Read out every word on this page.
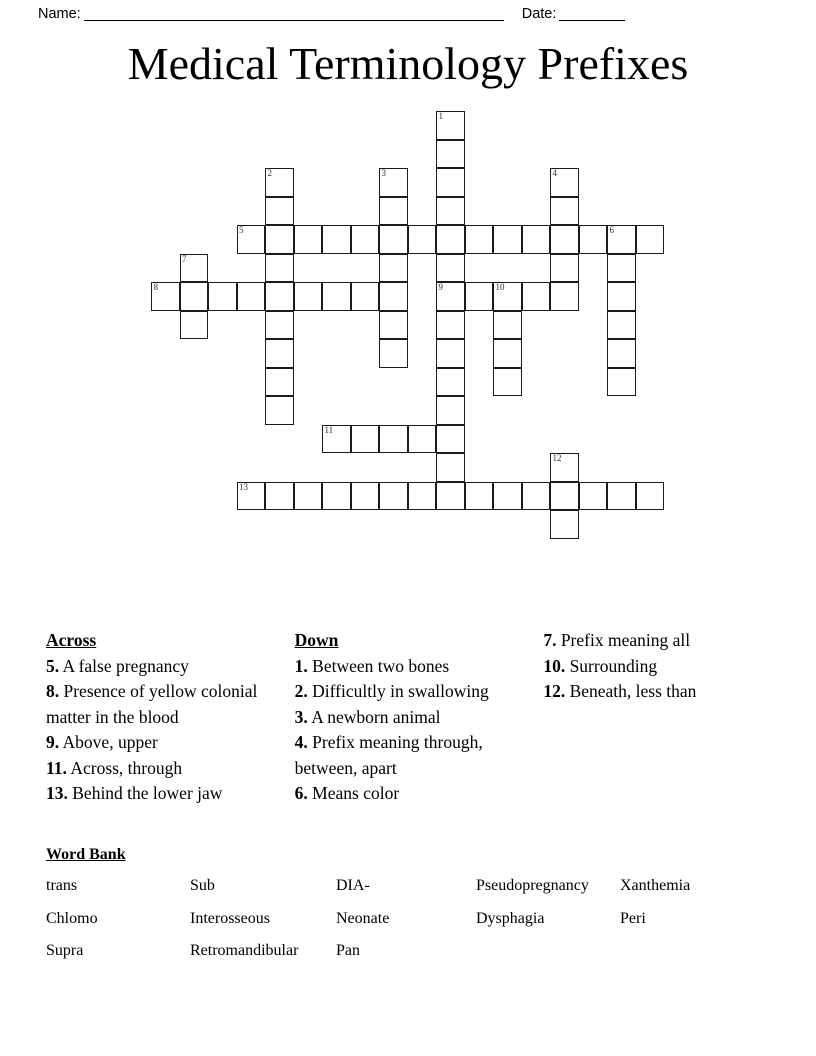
Name:	Date:
Medical Terminology Prefixes
1
2	3	4
5	6
7
8	9	10
11
12
13
Across
5. A false pregnancy
8. Presence of yellow colonial matter in the blood
9. Above, upper
11. Across, through
13. Behind the lower jaw
Down
1. Between two bones
2. Difficultly in swallowing
3. A newborn animal
4. Prefix meaning through, between, apart
6. Means color
7. Prefix meaning all
10. Surrounding
12. Beneath, less than
Word Bank
trans	Sub	DIA-	Pseudopregnancy	Xanthemia
Chlomo	Interosseous	Neonate	Dysphagia	Peri
Supra	Retromandibular	Pan
